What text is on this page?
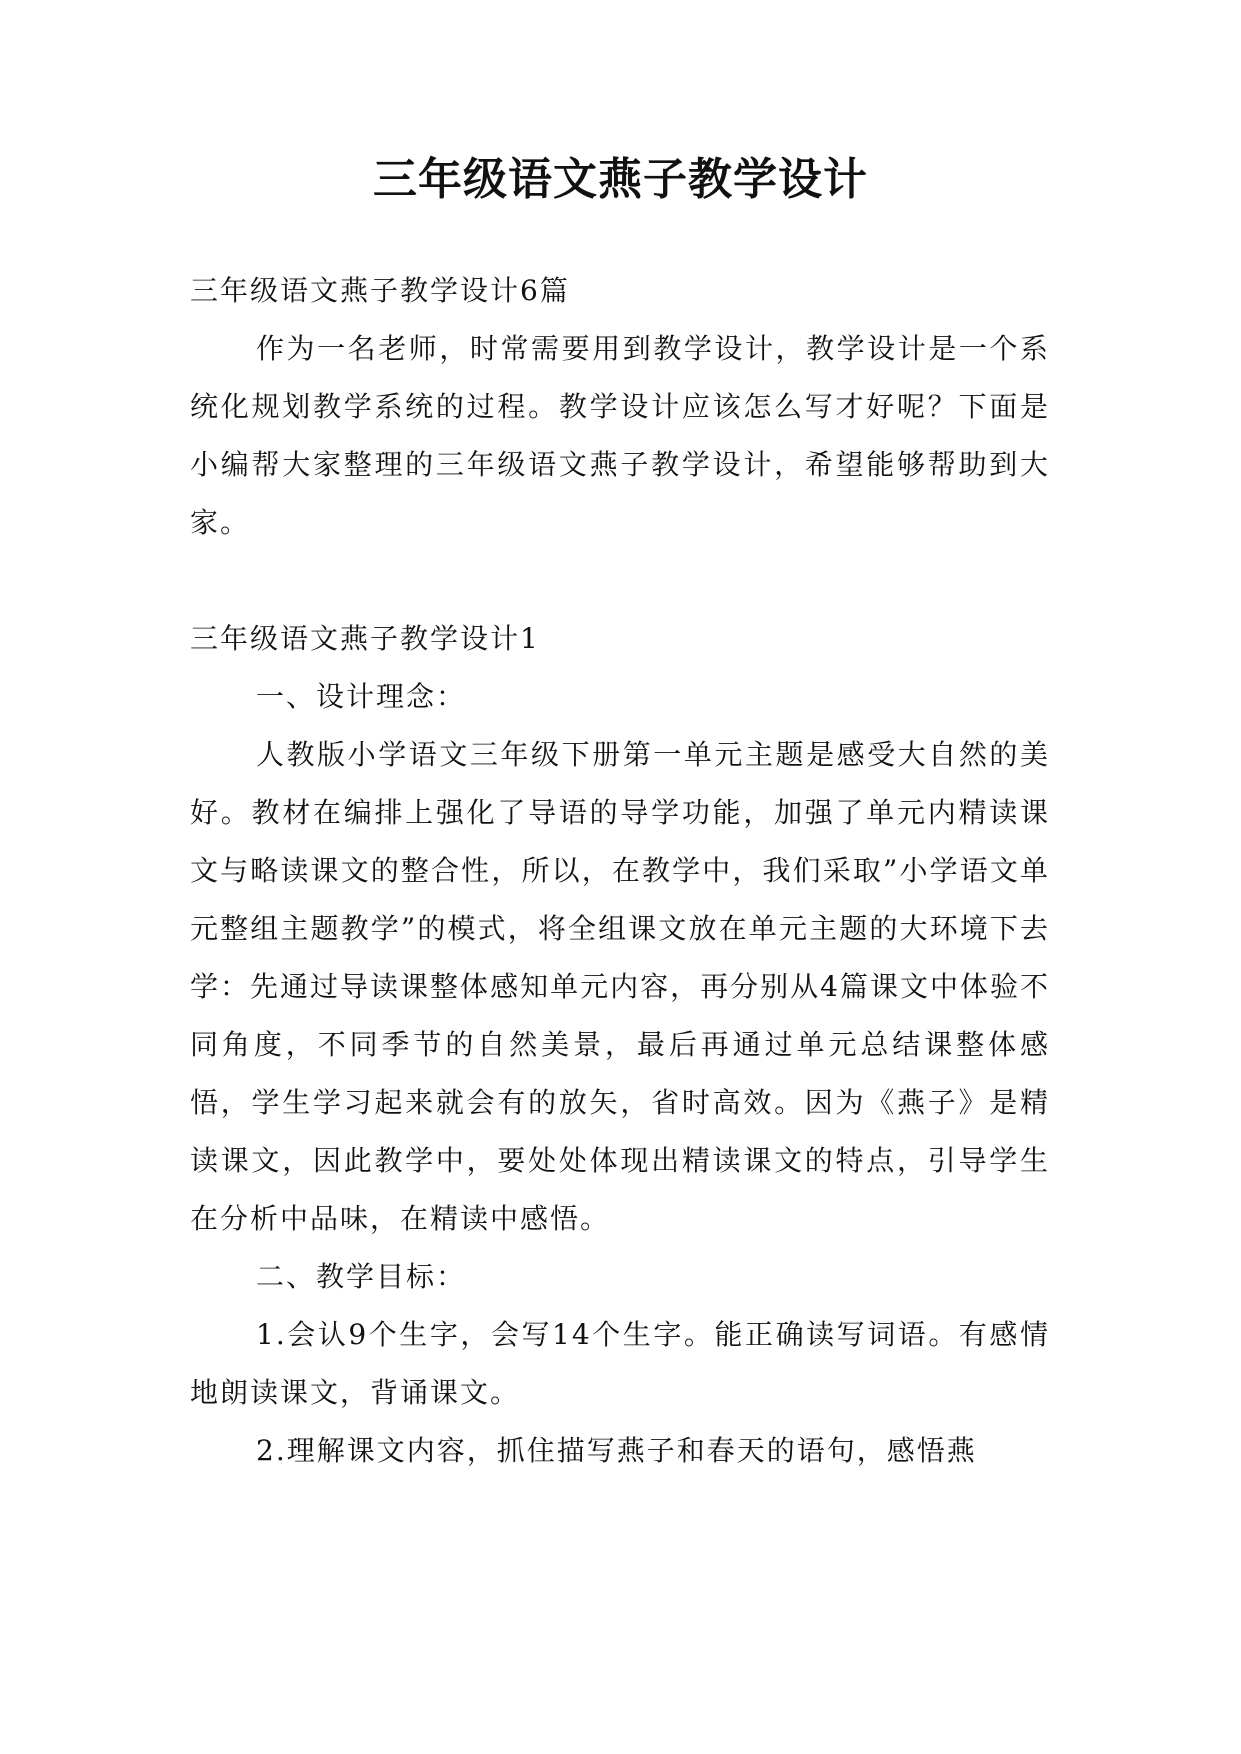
三年级语文燕子教学设计

三年级语文燕子教学设计6篇

作为一名老师，时常需要用到教学设计，教学设计是一个系统化规划教学系统的过程。教学设计应该怎么写才好呢？下面是小编帮大家整理的三年级语文燕子教学设计，希望能够帮助到大家。

三年级语文燕子教学设计1

一、设计理念：

人教版小学语文三年级下册第一单元主题是感受大自然的美好。教材在编排上强化了导语的导学功能，加强了单元内精读课文与略读课文的整合性，所以，在教学中，我们采取”小学语文单元整组主题教学”的模式，将全组课文放在单元主题的大环境下去学：先通过导读课整体感知单元内容，再分别从4篇课文中体验不同角度，不同季节的自然美景，最后再通过单元总结课整体感悟，学生学习起来就会有的放矢，省时高效。因为《燕子》是精读课文，因此教学中，要处处体现出精读课文的特点，引导学生在分析中品味，在精读中感悟。

二、教学目标：

1.会认9个生字，会写14个生字。能正确读写词语。有感情地朗读课文，背诵课文。

2.理解课文内容，抓住描写燕子和春天的语句，感悟燕
